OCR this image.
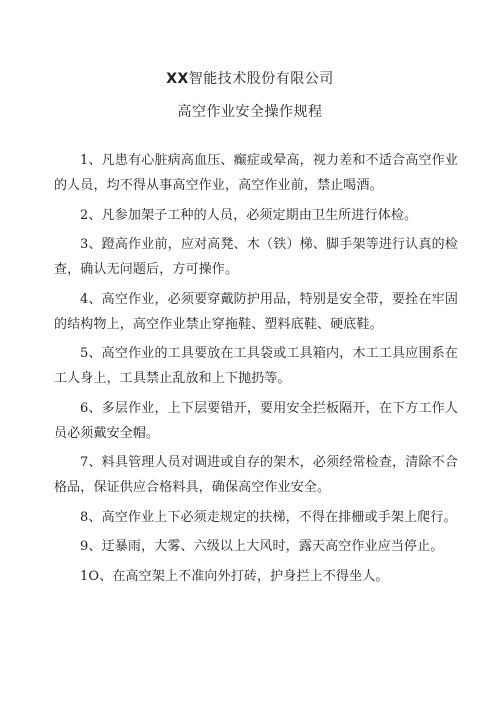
XX智能技术股份有限公司
高空作业安全操作规程

1、凡患有心脏病高血压、癫症或晕高，视力差和不适合高空作业的人员，均不得从事高空作业，高空作业前，禁止喝酒。

2、凡参加架子工种的人员，必须定期由卫生所进行体检。

3、蹬高作业前，应对高凳、木（铁）梯、脚手架等进行认真的检查，确认无问题后，方可操作。

4、高空作业，必须要穿戴防护用品，特别是安全带，要拴在牢固的结构物上，高空作业禁止穿拖鞋、塑料底鞋、硬底鞋。

5、高空作业的工具要放在工具袋或工具箱内，木工工具应围系在工人身上，工具禁止乱放和上下抛扔等。

6、多层作业，上下层要错开，要用安全拦板隔开，在下方工作人员必须戴安全帽。

7、料具管理人员对调进或自存的架木，必须经常检查，清除不合格品，保证供应合格料具，确保高空作业安全。

8、高空作业上下必须走规定的扶梯，不得在排栅或手架上爬行。

9、迂暴雨，大雾、六级以上大风时，露天高空作业应当停止。

1O、在高空架上不准向外打砖，护身拦上不得坐人。
